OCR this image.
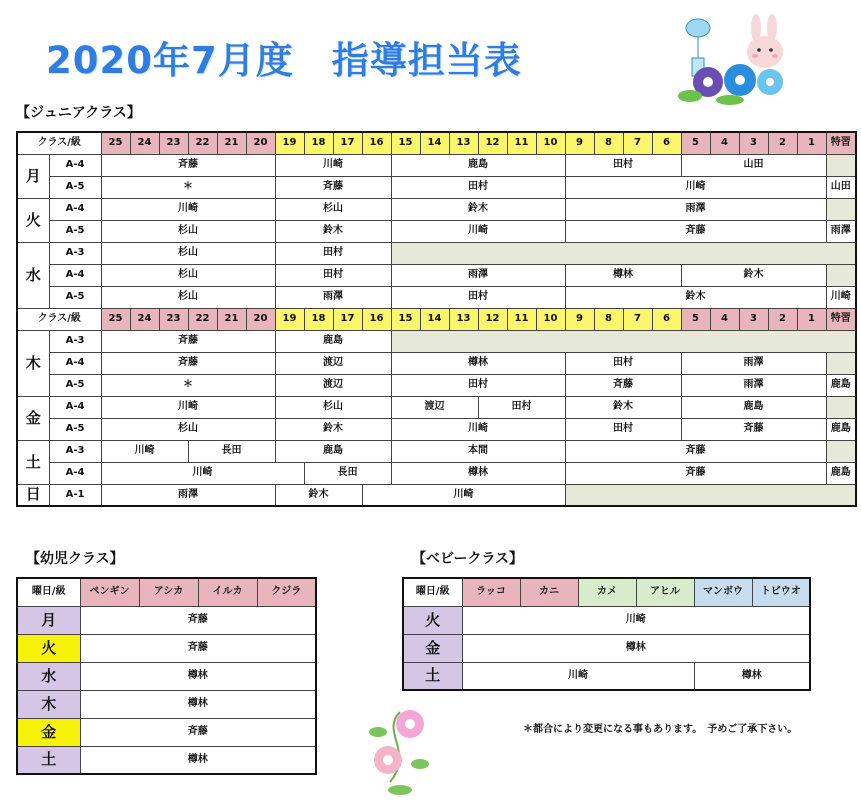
2020年7月度　指導担当表
【ジュニアクラス】
クラス/級		25	24	23	22	21	20	19	18	17	16	15	14	13	12	11	10	9	8	7	6	5	4	3	2	1	特習
月	A-4	斉藤						川崎				鹿島						田村				山田					
	A-5	＊						斉藤				田村						川崎									山田
火	A-4	川崎						杉山				鈴木						雨澤									
	A-5	杉山						鈴木				川崎						斉藤									雨澤
水	A-3	杉山						田村																			
	A-4	杉山						田村				雨澤						樽林				鈴木					
	A-5	杉山						雨澤				田村						鈴木									川崎
クラス/級		25	24	23	22	21	20	19	18	17	16	15	14	13	12	11	10	9	8	7	6	5	4	3	2	1	特習
木	A-3	斉藤						鹿島																			
	A-4	斉藤						渡辺				樽林						田村				雨澤					
	A-5	＊						渡辺				田村						斉藤				雨澤					鹿島
金	A-4	川崎						杉山				渡辺			田村			鈴木				鹿島					
	A-5	杉山						鈴木				川崎						田村				斉藤					鹿島
土	A-3	川崎			長田			鹿島				本間						斉藤									
	A-4	川崎							長田			樽林						斉藤									鹿島
日	A-1	雨澤						鈴木			川崎																
【幼児クラス】
曜日/級	ペンギン	アシカ	イルカ	クジラ
月	斉藤			
火	斉藤			
水	樽林			
木	樽林			
金	斉藤			
土	樽林			
【ベビークラス】
曜日/級	ラッコ	カニ	カメ	アヒル	マンボウ	トビウオ
火	川崎					
金	樽林					
土	川崎				樽林	
＊都合により変更になる事もあります。　予めご了承下さい。
